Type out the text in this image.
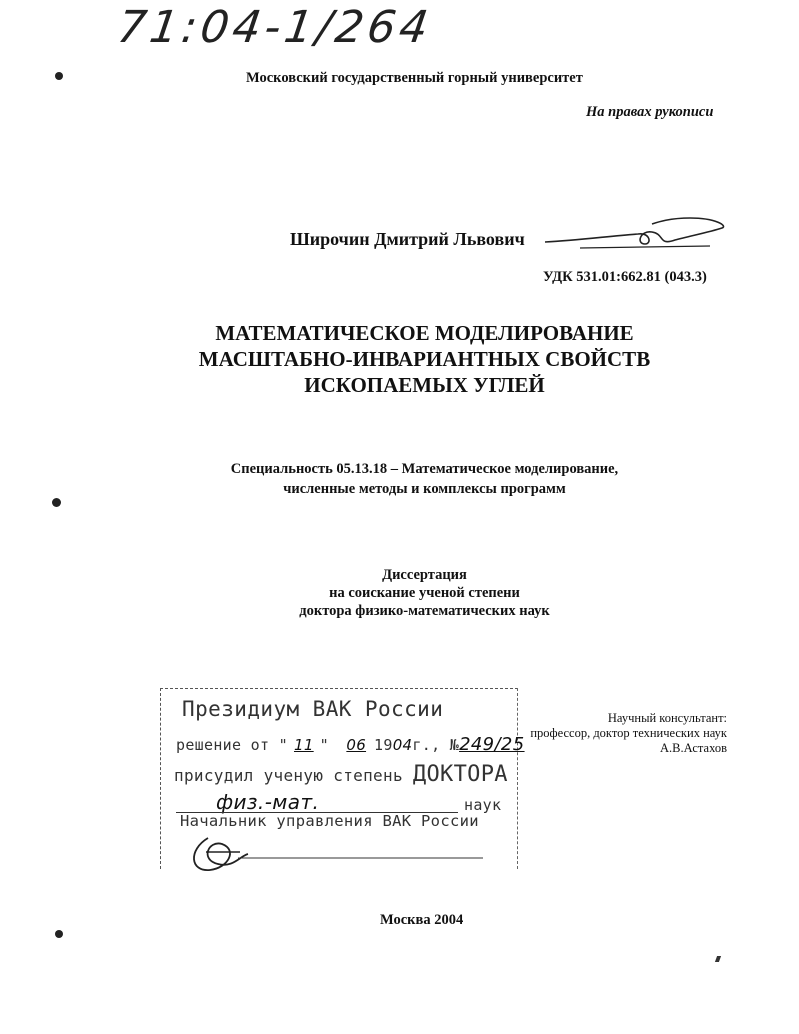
71:04-1/264
Московский государственный горный университет
На правах рукописи
Широчин Дмитрий Львович
УДК 531.01:662.81 (043.3)
МАТЕМАТИЧЕСКОЕ МОДЕЛИРОВАНИЕ
МАСШТАБНО-ИНВАРИАНТНЫХ СВОЙСТВ
ИСКОПАЕМЫХ УГЛЕЙ
Специальность 05.13.18 – Математическое моделирование,
численные методы и комплексы программ
Диссертация
на соискание ученой степени
доктора физико-математических наук
Президиум ВАК России
решение от " 11 " 06 1904г., №249/25
присудил ученую степень ДОКТОРА
физ.-мат.	наук
Начальник управления ВАК России
Научный консультант:
профессор, доктор технических наук
А.В.Астахов
Москва 2004
